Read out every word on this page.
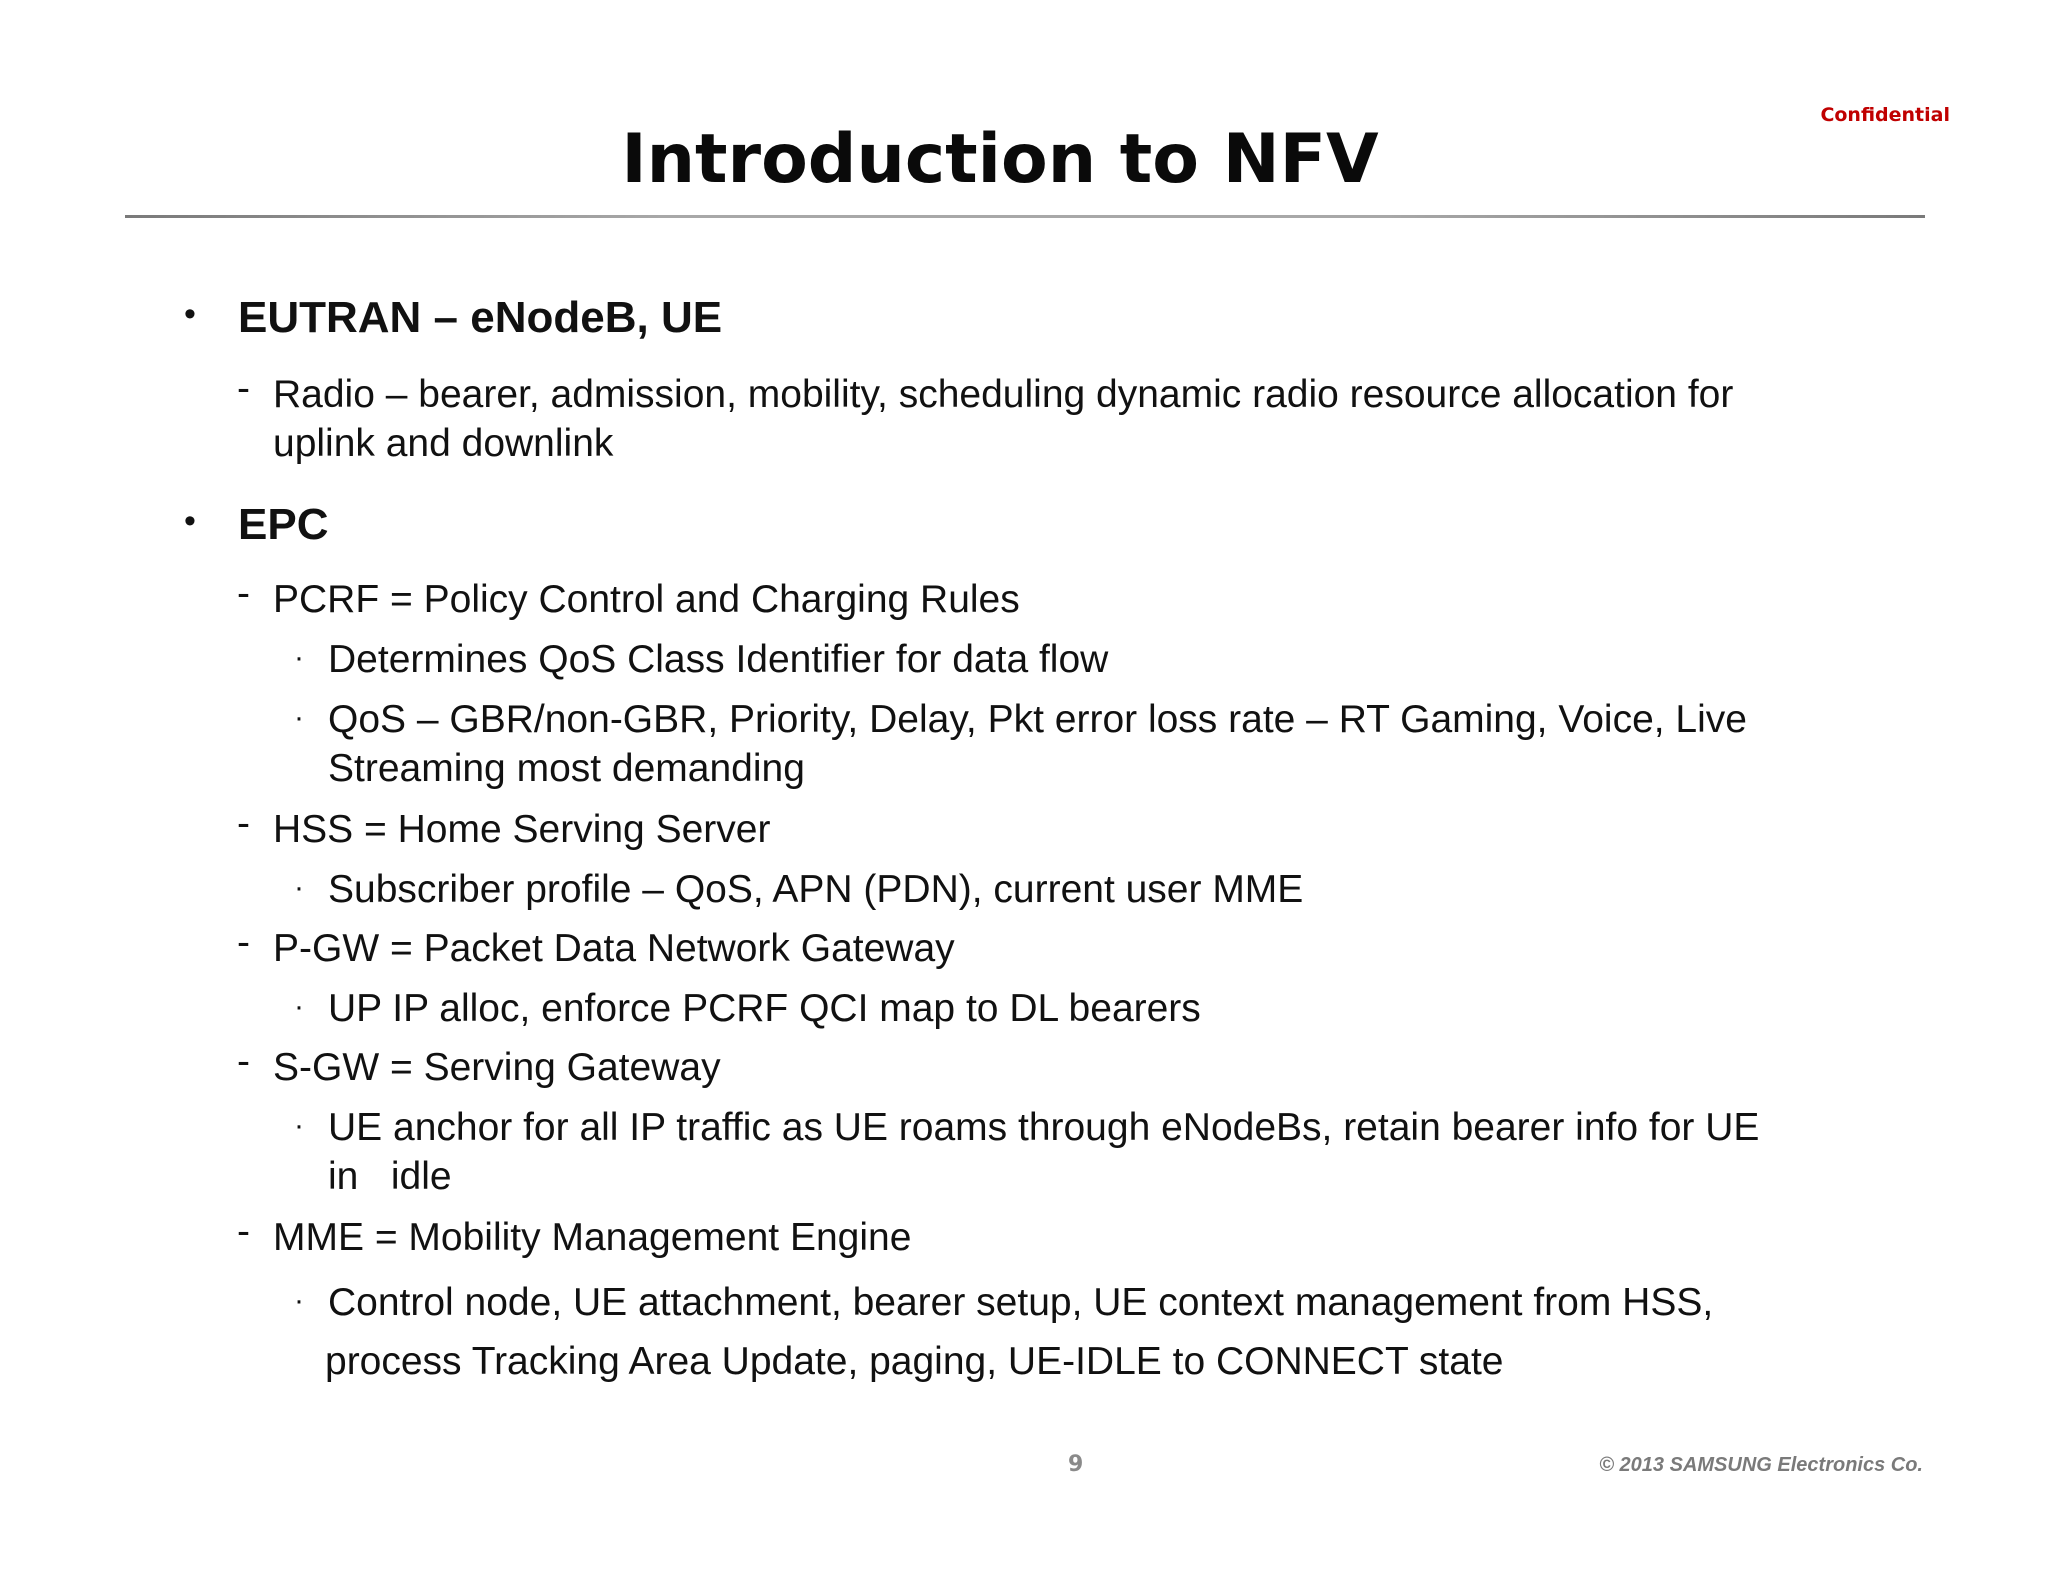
Confidential
Introduction to NFV
• EUTRAN – eNodeB, UE
- Radio – bearer, admission, mobility, scheduling dynamic radio resource allocation for
uplink and downlink
• EPC
- PCRF = Policy Control and Charging Rules
· Determines QoS Class Identifier for data flow
· QoS – GBR/non-GBR, Priority, Delay, Pkt error loss rate – RT Gaming, Voice, Live
Streaming most demanding
- HSS = Home Serving Server
· Subscriber profile – QoS, APN (PDN), current user MME
- P-GW = Packet Data Network Gateway
· UP IP alloc, enforce PCRF QCI map to DL bearers
- S-GW = Serving Gateway
· UE anchor for all IP traffic as UE roams through eNodeBs, retain bearer info for UE
in   idle
- MME = Mobility Management Engine
· Control node, UE attachment, bearer setup, UE context management from HSS,
process Tracking Area Update, paging, UE-IDLE to CONNECT state
9	© 2013 SAMSUNG Electronics Co.
